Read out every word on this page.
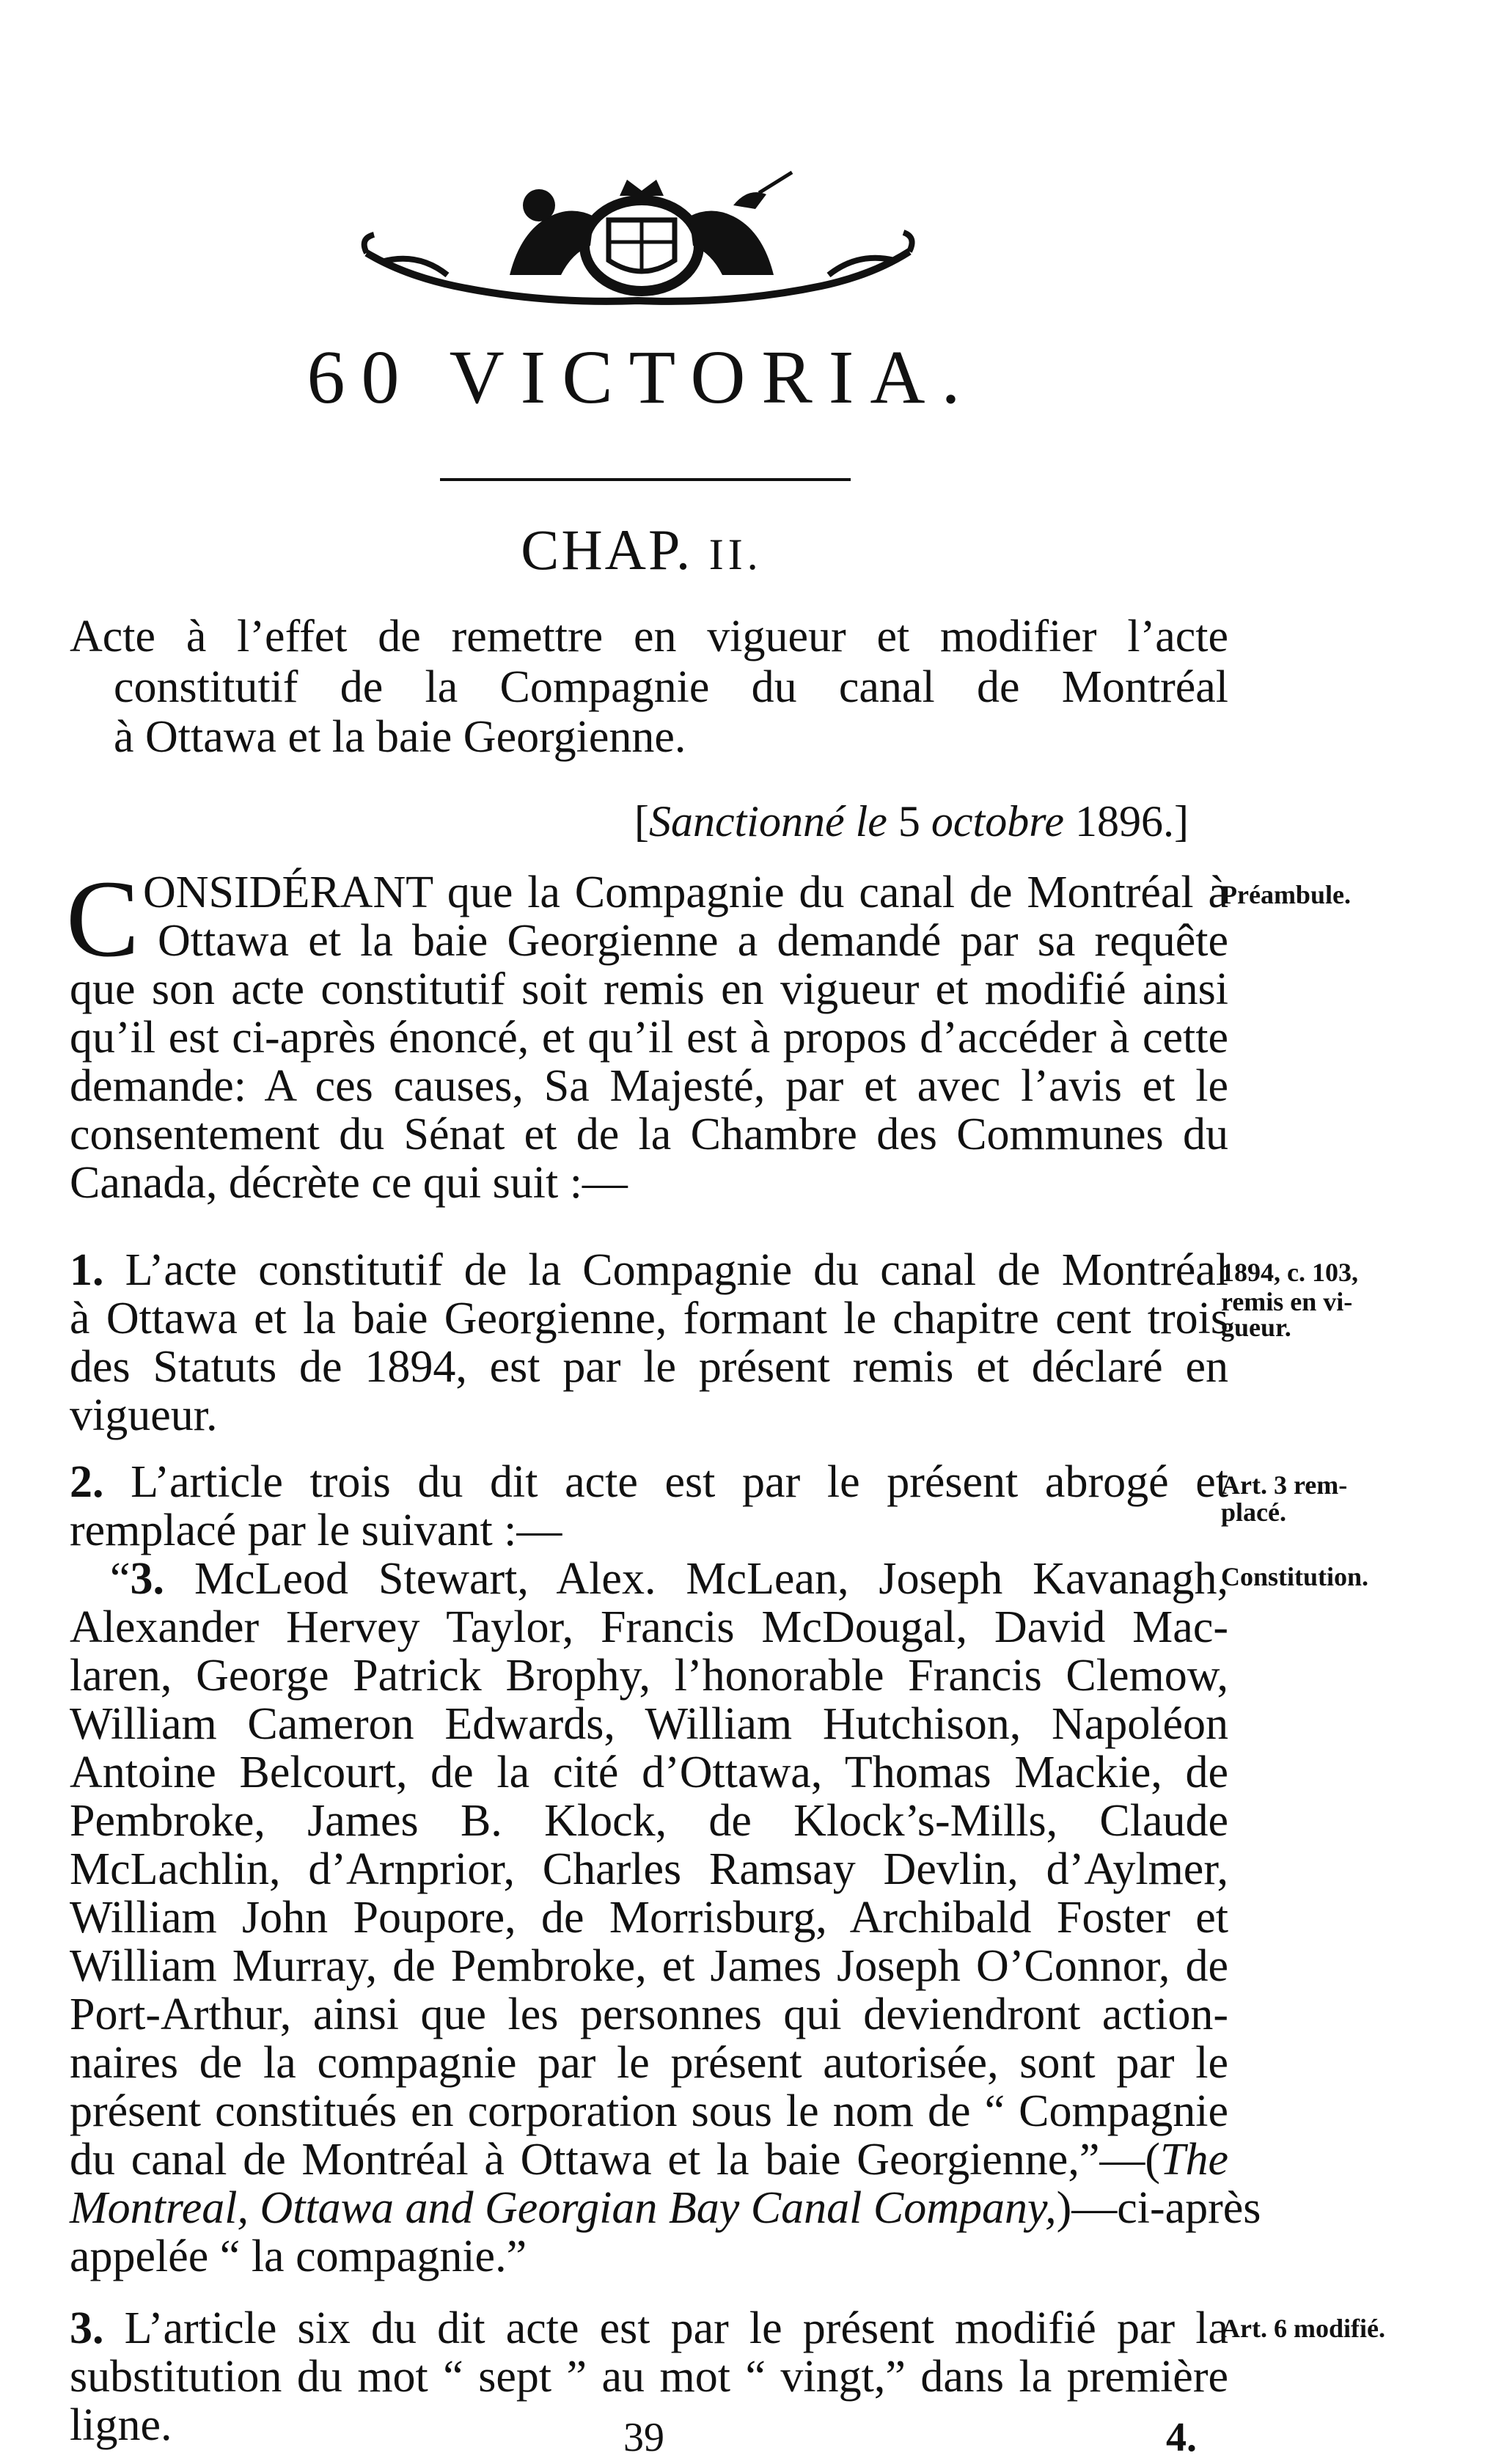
60 VICTORIA.
CHAP. II.
Acte à l’effet de remettre en vigueur et modifier l’acte
constitutif de la Compagnie du canal de Montréal
à Ottawa et la baie Georgienne.
[Sanctionné le 5 octobre 1896.]
C ONSIDÉRANT que la Compagnie du canal de Montréal à
Ottawa et la baie Georgienne a demandé par sa requête
que son acte constitutif soit remis en vigueur et modifié ainsi
qu’il est ci-après énoncé, et qu’il est à propos d’accéder à cette
demande: A ces causes, Sa Majesté, par et avec l’avis et le
consentement du Sénat et de la Chambre des Communes du
Canada, décrète ce qui suit :—
Préambule.
1. L’acte constitutif de la Compagnie du canal de Montréal
à Ottawa et la baie Georgienne, formant le chapitre cent trois
des Statuts de 1894, est par le présent remis et déclaré en
vigueur.
1894, c. 103,
remis en vi-
gueur.
2. L’article trois du dit acte est par le présent abrogé et
remplacé par le suivant :—
“3. McLeod Stewart, Alex. McLean, Joseph Kavanagh,
Alexander Hervey Taylor, Francis McDougal, David Mac-
laren, George Patrick Brophy, l’honorable Francis Clemow,
William Cameron Edwards, William Hutchison, Napoléon
Antoine Belcourt, de la cité d’Ottawa, Thomas Mackie, de
Pembroke, James B. Klock, de Klock’s-Mills, Claude
McLachlin, d’Arnprior, Charles Ramsay Devlin, d’Aylmer,
William John Poupore, de Morrisburg, Archibald Foster et
William Murray, de Pembroke, et James Joseph O’Connor, de
Port-Arthur, ainsi que les personnes qui deviendront action-
naires de la compagnie par le présent autorisée, sont par le
présent constitués en corporation sous le nom de “ Compagnie
du canal de Montréal à Ottawa et la baie Georgienne,”—(The
Montreal, Ottawa and Georgian Bay Canal Company,)—ci-après
appelée “ la compagnie.”
Art. 3 rem-
placé.
Constitution.
3. L’article six du dit acte est par le présent modifié par la
substitution du mot “ sept ” au mot “ vingt,” dans la première
ligne.
Art. 6 modifié.
39	4.
